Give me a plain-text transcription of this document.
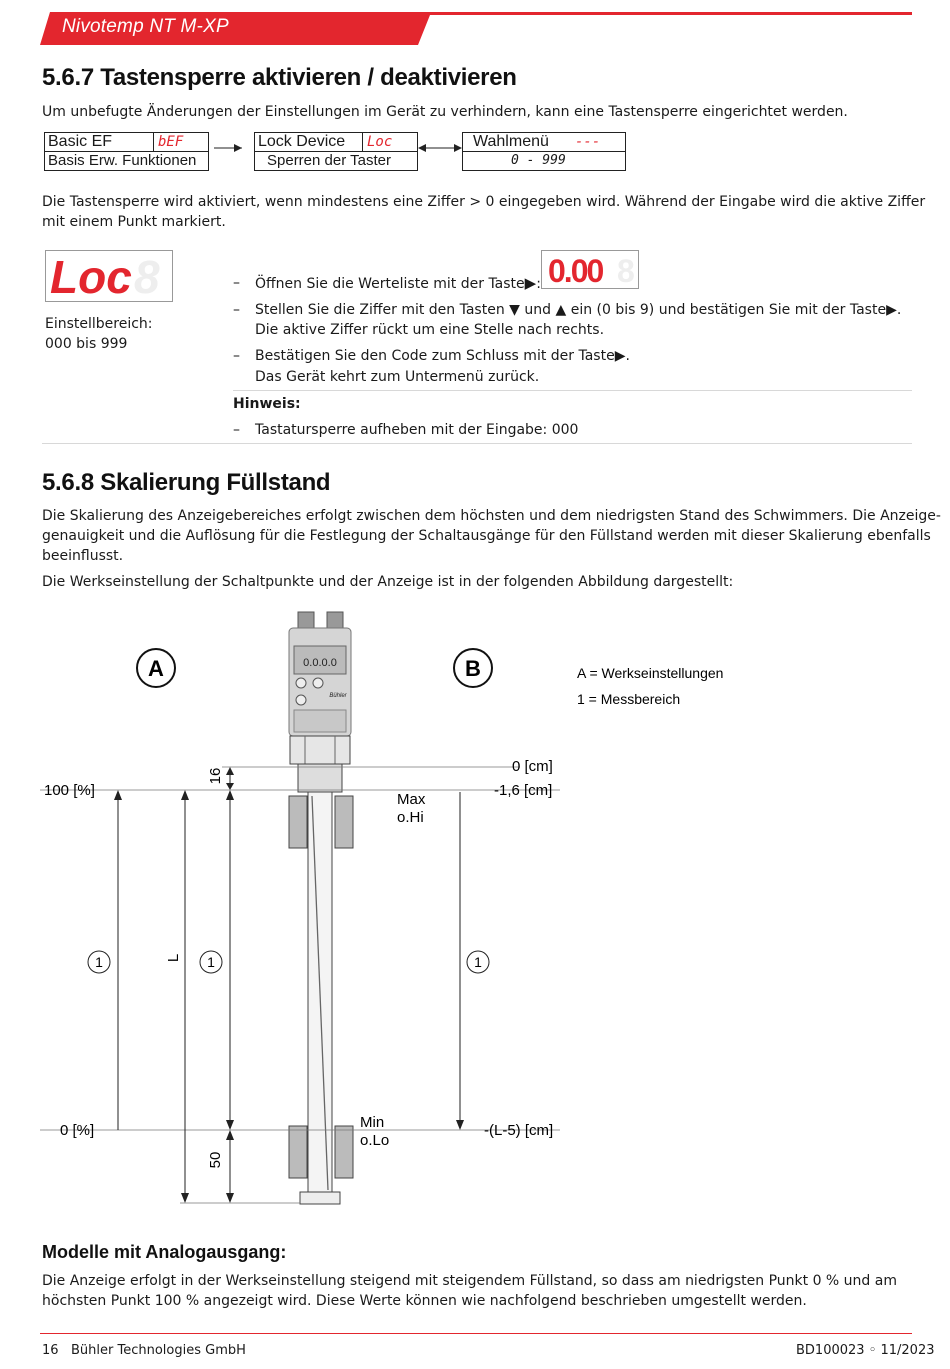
Nivotemp NT M-XP
5.6.7 Tastensperre aktivieren / deaktivieren
Um unbefugte Änderungen der Einstellungen im Gerät zu verhindern, kann eine Tastensperre eingerichtet werden.
Basic EF	bEF
Basis Erw. Funktionen
Lock Device	Loc
Sperren der Taster
Wahlmenü	---
0 - 999
Die Tastensperre wird aktiviert, wenn mindestens eine Ziffer > 0 eingegeben wird. Während der Eingabe wird die aktive Ziffer
mit einem Punkt markiert.
Loc 8	0.00 8
Einstellbereich:
000 bis 999
– Öffnen Sie die Werteliste mit der Taste▶:
– Stellen Sie die Ziffer mit den Tasten ▼ und ▲ ein (0 bis 9) und bestätigen Sie mit der Taste▶.
Die aktive Ziffer rückt um eine Stelle nach rechts.
– Bestätigen Sie den Code zum Schluss mit der Taste▶.
Das Gerät kehrt zum Untermenü zurück.
Hinweis:
– Tastatursperre aufheben mit der Eingabe: 000
5.6.8 Skalierung Füllstand
Die Skalierung des Anzeigebereiches erfolgt zwischen dem höchsten und dem niedrigsten Stand des Schwimmers. Die Anzeige-
genauigkeit und die Auflösung für die Festlegung der Schaltausgänge für den Füllstand werden mit dieser Skalierung ebenfalls
beeinflusst.
Die Werkseinstellung der Schaltpunkte und der Anzeige ist in der folgenden Abbildung dargestellt:
A	B
0.0.0.0
Bühler
1	1	1
L
16
50
100 [%]
0 [%]
0 [cm]
-1,6 [cm]
-(L-5) [cm]
Max
o.Hi
Min
o.Lo
A = Werkseinstellungen
1 = Messbereich
Modelle mit Analogausgang:
Die Anzeige erfolgt in der Werkseinstellung steigend mit steigendem Füllstand, so dass am niedrigsten Punkt 0 % und am
höchsten Punkt 100 % angezeigt wird. Diese Werte können wie nachfolgend beschrieben umgestellt werden.
16 Bühler Technologies GmbH	BD100023 ◦ 11/2023
